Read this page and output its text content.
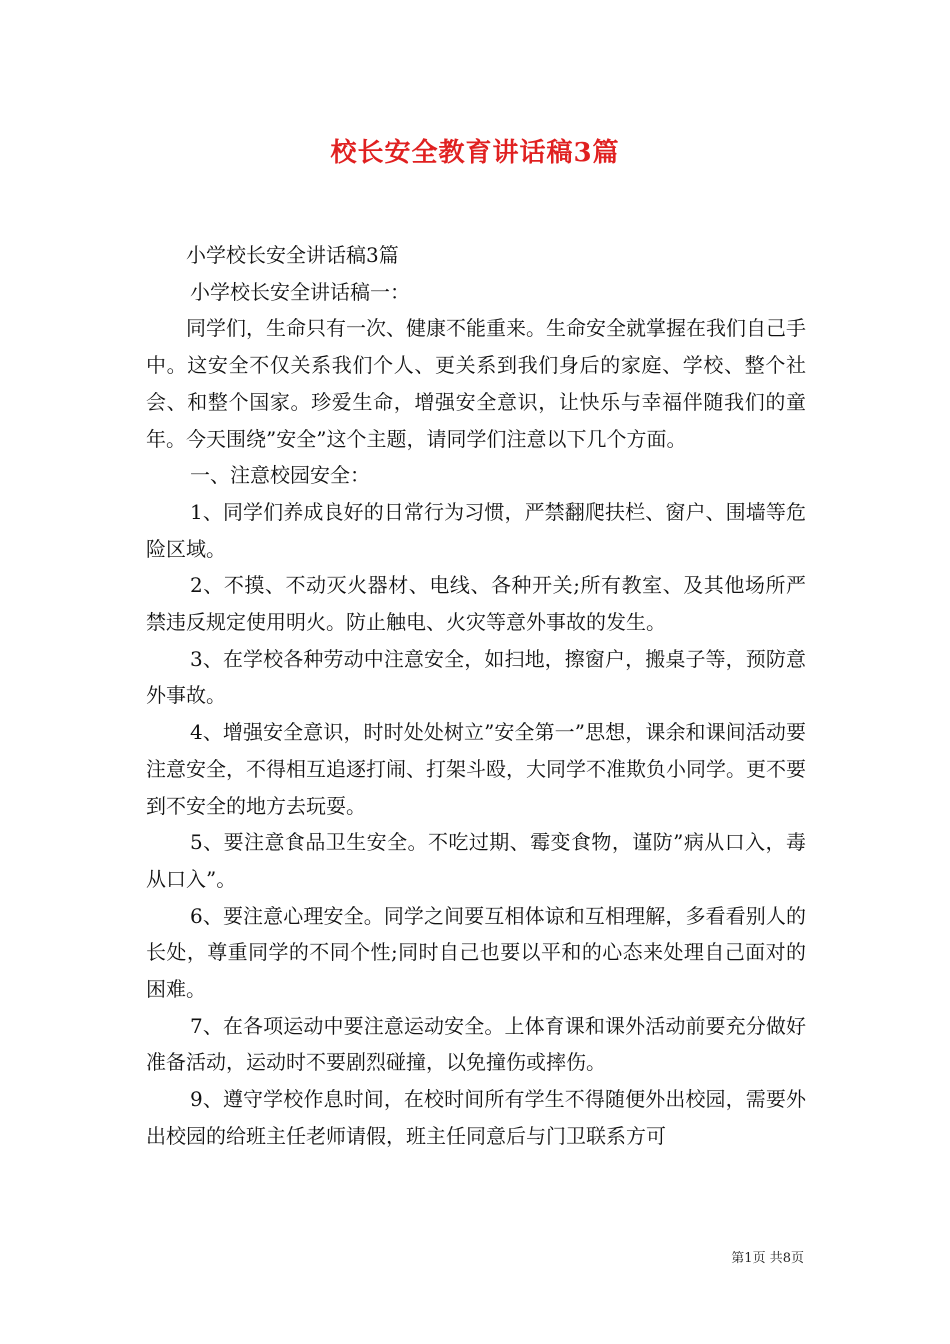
校长安全教育讲话稿3篇

小学校长安全讲话稿3篇

小学校长安全讲话稿一：

同学们，生命只有一次、健康不能重来。生命安全就掌握在我们自己手中。这安全不仅关系我们个人、更关系到我们身后的家庭、学校、整个社会、和整个国家。珍爱生命，增强安全意识，让快乐与幸福伴随我们的童年。今天围绕”安全”这个主题，请同学们注意以下几个方面。

一、注意校园安全：

1、同学们养成良好的日常行为习惯，严禁翻爬扶栏、窗户、围墙等危险区域。

2、不摸、不动灭火器材、电线、各种开关;所有教室、及其他场所严禁违反规定使用明火。防止触电、火灾等意外事故的发生。

3、在学校各种劳动中注意安全，如扫地，擦窗户，搬桌子等，预防意外事故。

4、增强安全意识，时时处处树立”安全第一”思想，课余和课间活动要注意安全，不得相互追逐打闹、打架斗殴，大同学不准欺负小同学。更不要到不安全的地方去玩耍。

5、要注意食品卫生安全。不吃过期、霉变食物，谨防”病从口入，毒从口入”。

6、要注意心理安全。同学之间要互相体谅和互相理解，多看看别人的长处，尊重同学的不同个性;同时自己也要以平和的心态来处理自己面对的困难。

7、在各项运动中要注意运动安全。上体育课和课外活动前要充分做好准备活动，运动时不要剧烈碰撞，以免撞伤或摔伤。

9、遵守学校作息时间，在校时间所有学生不得随便外出校园，需要外出校园的给班主任老师请假，班主任同意后与门卫联系方可

第1页 共8页
